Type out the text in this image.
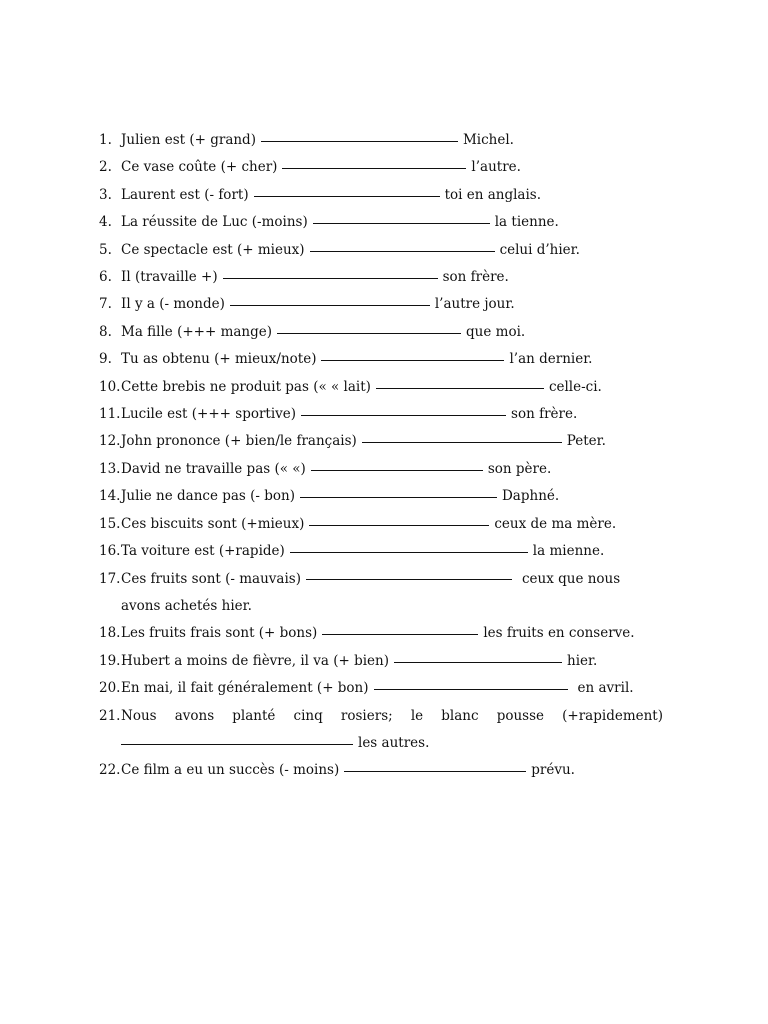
1. Julien est (+ grand)	Michel.
2. Ce vase coûte (+ cher)	l’autre.
3. Laurent est (- fort)	toi en anglais.
4. La réussite de Luc (-moins)	la tienne.
5. Ce spectacle est (+ mieux)	celui d’hier.
6. Il (travaille +)	son frère.
7. Il y a (- monde)	l’autre jour.
8. Ma fille (+++ mange)	que moi.
9. Tu as obtenu (+ mieux/note)	l’an dernier.
10. Cette brebis ne produit pas (« « lait)	celle-ci.
11. Lucile est (+++ sportive)	son frère.
12. John prononce (+ bien/le français)	Peter.
13. David ne travaille pas (« «)	son père.
14. Julie ne dance pas (- bon)	Daphné.
15. Ces biscuits sont (+mieux)	ceux de ma mère.
16. Ta voiture est (+rapide)	la mienne.
17. Ces fruits sont (- mauvais)	ceux que nous
avons achetés hier.
18. Les fruits frais sont (+ bons)	les fruits en conserve.
19. Hubert a moins de fièvre, il va (+ bien)	hier.
20. En mai, il fait généralement (+ bon)	en avril.
21. Nous avons planté cinq rosiers; le blanc pousse (+rapidement)
les autres.
22. Ce film a eu un succès (- moins)	prévu.
